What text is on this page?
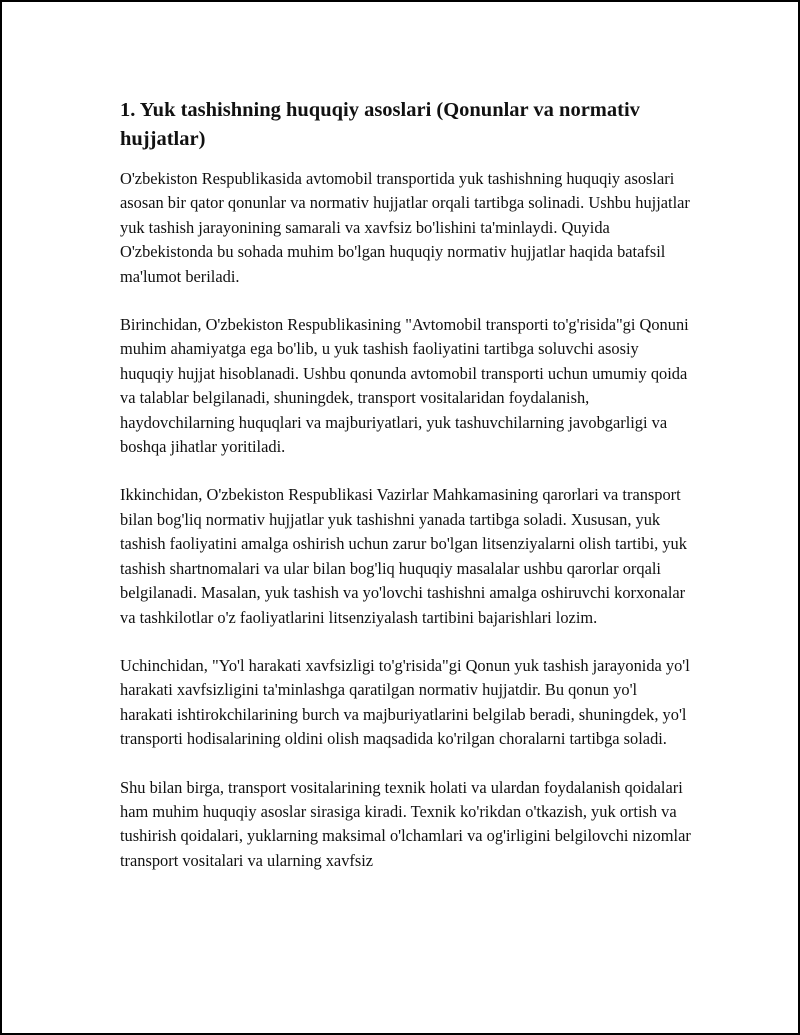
1. Yuk tashishning huquqiy asoslari (Qonunlar va normativ hujjatlar)

O'zbekiston Respublikasida avtomobil transportida yuk tashishning huquqiy asoslari asosan bir qator qonunlar va normativ hujjatlar orqali tartibga solinadi. Ushbu hujjatlar yuk tashish jarayonining samarali va xavfsiz bo'lishini ta'minlaydi. Quyida O'zbekistonda bu sohada muhim bo'lgan huquqiy normativ hujjatlar haqida batafsil ma'lumot beriladi.

Birinchidan, O'zbekiston Respublikasining "Avtomobil transporti to'g'risida"gi Qonuni muhim ahamiyatga ega bo'lib, u yuk tashish faoliyatini tartibga soluvchi asosiy huquqiy hujjat hisoblanadi. Ushbu qonunda avtomobil transporti uchun umumiy qoida va talablar belgilanadi, shuningdek, transport vositalaridan foydalanish, haydovchilarning huquqlari va majburiyatlari, yuk tashuvchilarning javobgarligi va boshqa jihatlar yoritiladi.

Ikkinchidan, O'zbekiston Respublikasi Vazirlar Mahkamasining qarorlari va transport bilan bog'liq normativ hujjatlar yuk tashishni yanada tartibga soladi. Xususan, yuk tashish faoliyatini amalga oshirish uchun zarur bo'lgan litsenziyalarni olish tartibi, yuk tashish shartnomalari va ular bilan bog'liq huquqiy masalalar ushbu qarorlar orqali belgilanadi. Masalan, yuk tashish va yo'lovchi tashishni amalga oshiruvchi korxonalar va tashkilotlar o'z faoliyatlarini litsenziyalash tartibini bajarishlari lozim.

Uchinchidan, "Yo'l harakati xavfsizligi to'g'risida"gi Qonun yuk tashish jarayonida yo'l harakati xavfsizligini ta'minlashga qaratilgan normativ hujjatdir. Bu qonun yo'l harakati ishtirokchilarining burch va majburiyatlarini belgilab beradi, shuningdek, yo'l transporti hodisalarining oldini olish maqsadida ko'rilgan choralarni tartibga soladi.

Shu bilan birga, transport vositalarining texnik holati va ulardan foydalanish qoidalari ham muhim huquqiy asoslar sirasiga kiradi. Texnik ko'rikdan o'tkazish, yuk ortish va tushirish qoidalari, yuklarning maksimal o'lchamlari va og'irligini belgilovchi nizomlar transport vositalari va ularning xavfsiz
